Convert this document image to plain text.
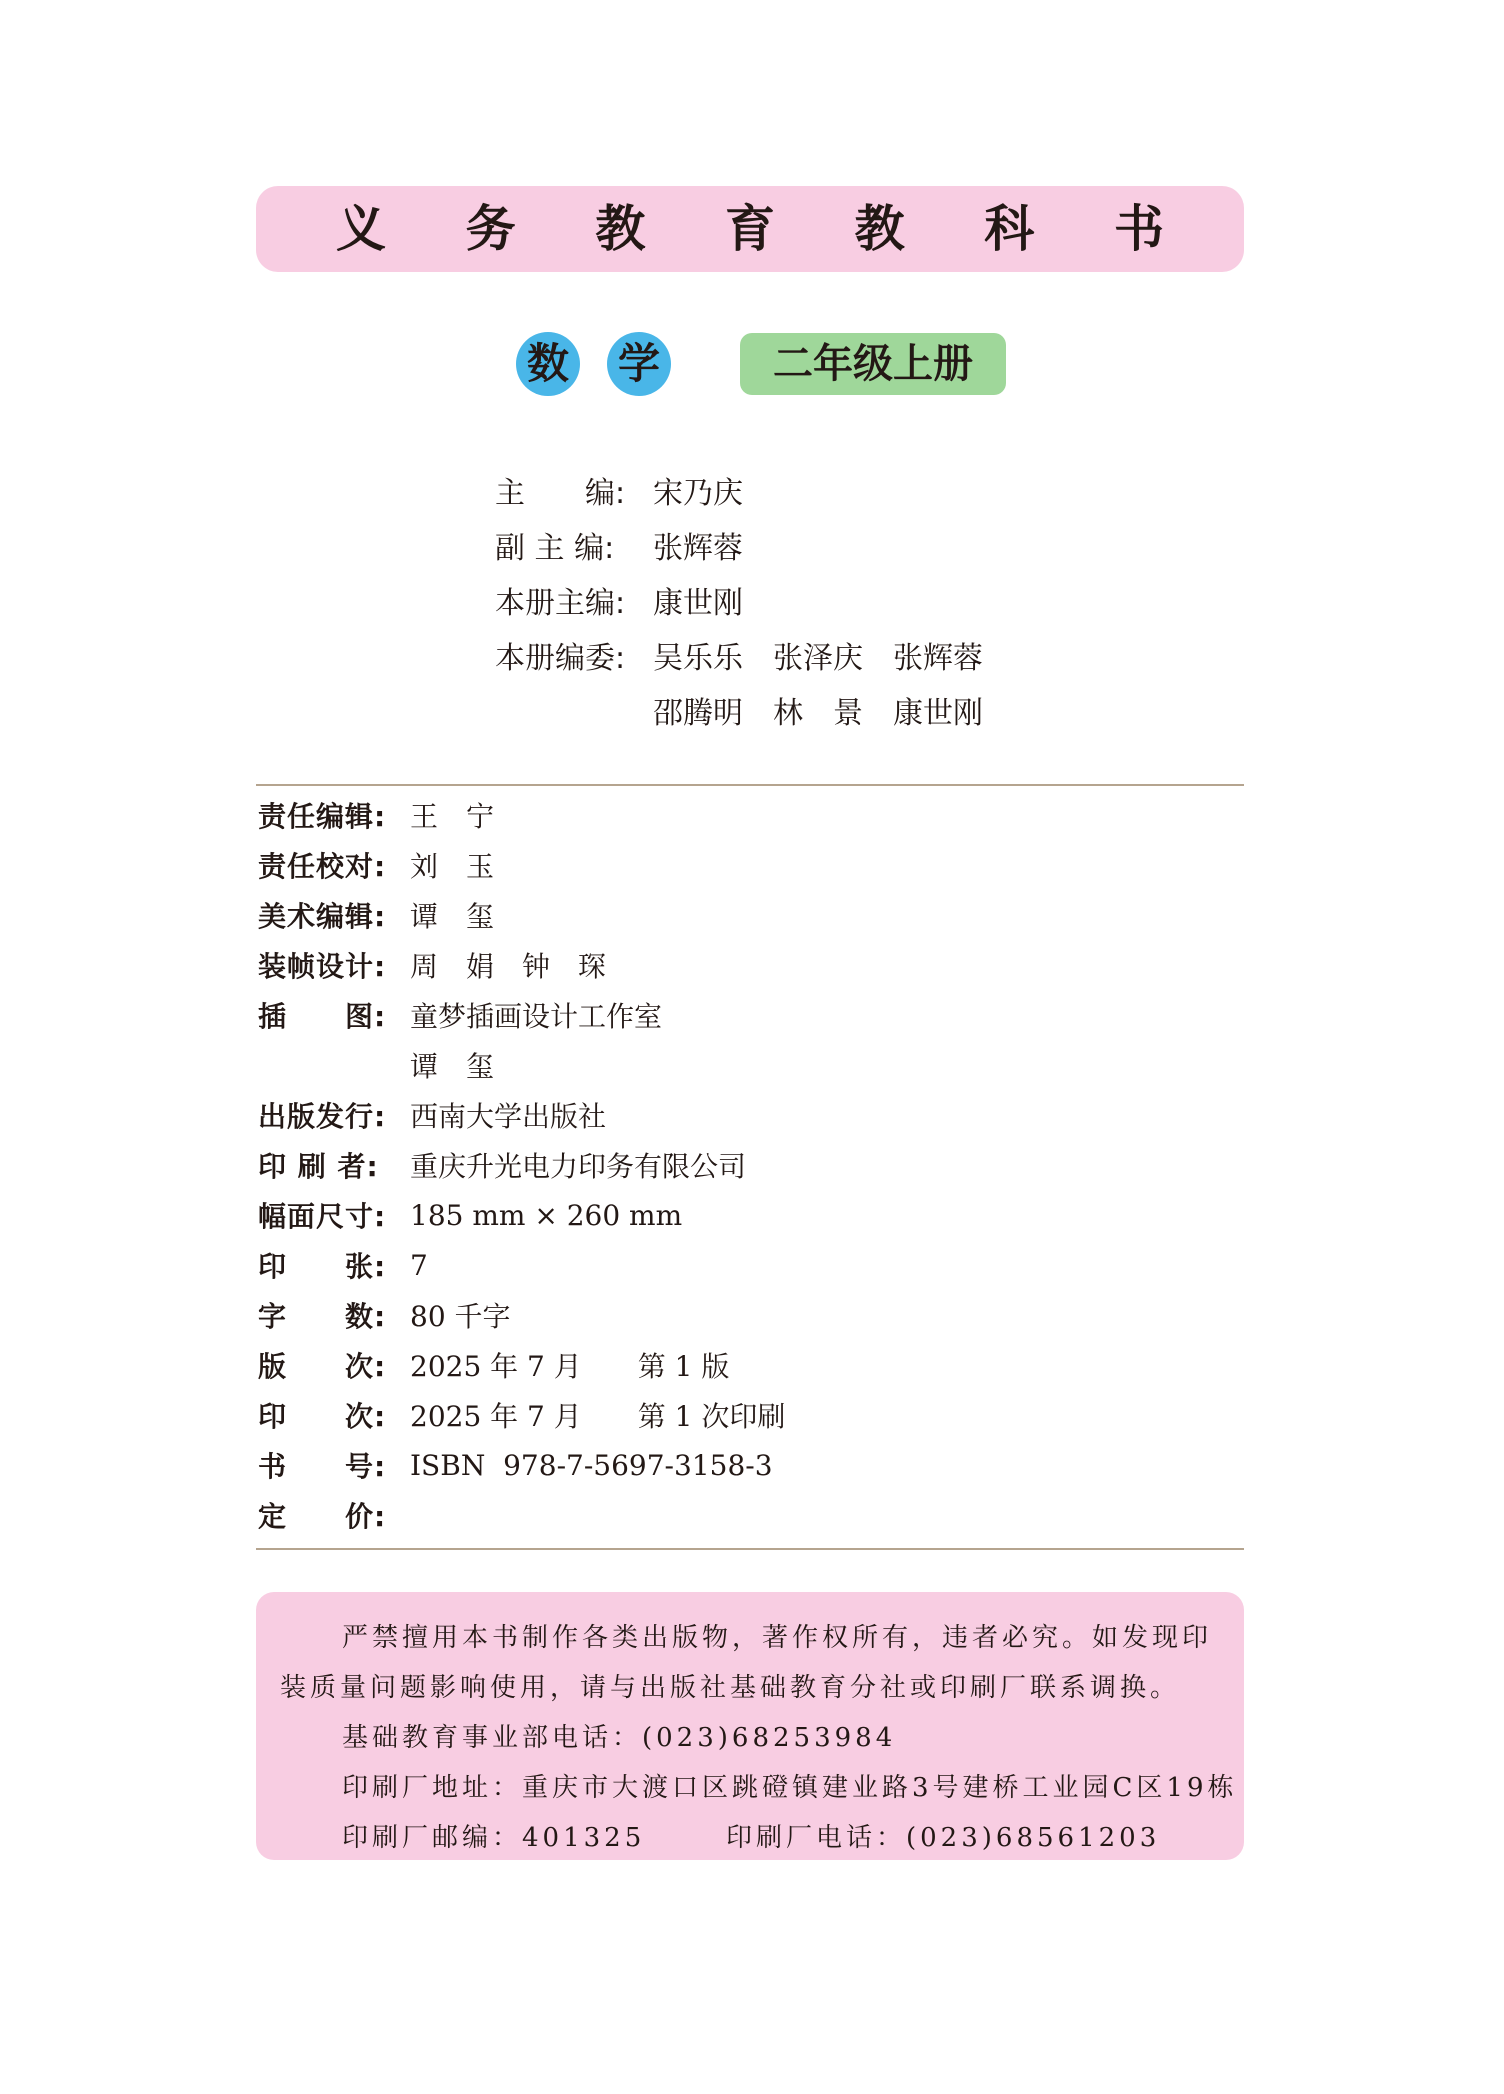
义 务 教 育 教 科 书
数 学	二年级上册
主　　编: 宋乃庆
副 主 编:	张辉蓉
本册主编: 康世刚
本册编委: 吴乐乐　张泽庆　张辉蓉
邵腾明　林　景　康世刚
责任编辑: 王　宁
责任校对: 刘　玉
美术编辑: 谭　玺
装帧设计: 周　娟　钟　琛
插　　图: 童梦插画设计工作室
谭　玺
出版发行: 西南大学出版社
印 刷 者:	重庆升光电力印务有限公司
幅面尺寸: 185 mm × 260 mm
印　　张: 7
字　　数: 80 千字
版　　次: 2025 年 7 月　　第 1 版
印　　次: 2025 年 7 月　　第 1 次印刷
书　　号: ISBN  978-7-5697-3158-3
定　　价:
严禁擅用本书制作各类出版物，著作权所有，违者必究。如发现印
装质量问题影响使用，请与出版社基础教育分社或印刷厂联系调换。
基础教育事业部电话：(023)68253984
印刷厂地址：重庆市大渡口区跳磴镇建业路3号建桥工业园C区19栋
印刷厂邮编：401325	印刷厂电话：(023)68561203
